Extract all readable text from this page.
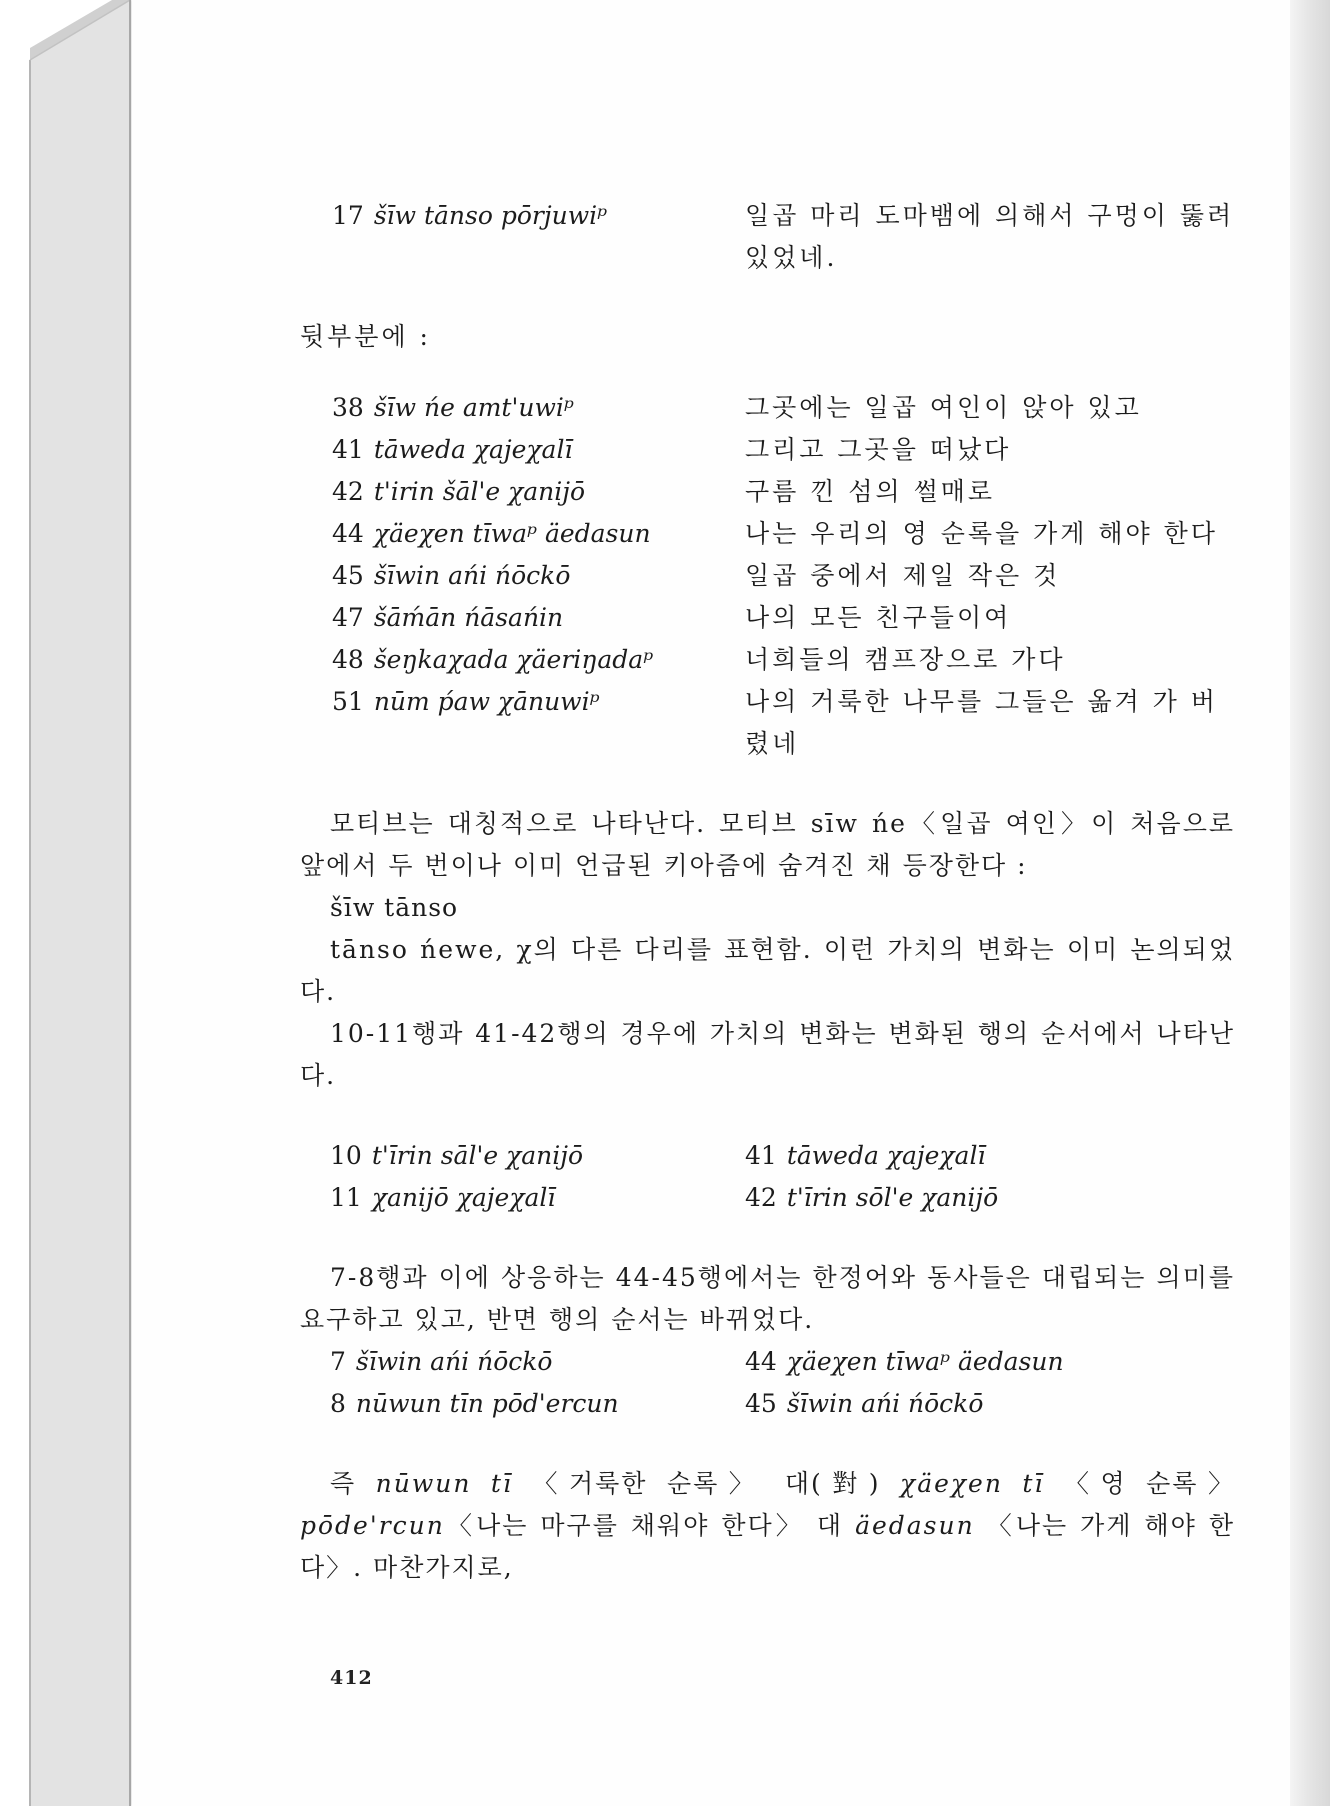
17 šīw tānso pōrjuwiᵖ	일곱 마리 도마뱀에 의해서 구멍이 뚫려 있었네.
뒷부분에 :
38 šīw ńe amt'uwiᵖ	그곳에는 일곱 여인이 앉아 있고
41 tāweda χajeχalī	그리고 그곳을 떠났다
42 t'irin šāl'e χanijō	구름 낀 섬의 썰매로
44 χäeχen tīwaᵖ äedasun	나는 우리의 영 순록을 가게 해야 한다
45 šīwin ańi ńōckō	일곱 중에서 제일 작은 것
47 šāḿān ńāsańin	나의 모든 친구들이여
48 šeŋkaχada χäeriŋadaᵖ	너희들의 캠프장으로 가다
51 nūm ṕaw χānuwiᵖ	나의 거룩한 나무를 그들은 옮겨 가 버렸네

모티브는 대칭적으로 나타난다. 모티브 sīw ńe〈일곱 여인〉이 처음으로 앞에서 두 번이나 이미 언급된 키아즘에 숨겨진 채 등장한다 :

šīw tānso

tānso ńewe, χ의 다른 다리를 표현함. 이런 가치의 변화는 이미 논의되었다.

10-11행과 41-42행의 경우에 가치의 변화는 변화된 행의 순서에서 나타난다.

10 t'īrin sāl'e χanijō	41 tāweda χajeχalī
11 χanijō χajeχalī	42 t'īrin sōl'e χanijō

7-8행과 이에 상응하는 44-45행에서는 한정어와 동사들은 대립되는 의미를 요구하고 있고, 반면 행의 순서는 바뀌었다.

7 šīwin ańi ńōckō	44 χäeχen tīwaᵖ äedasun
8 nūwun tīn pōd'ercun	45 šīwin ańi ńōckō

즉 nūwun tī 〈거룩한 순록〉 대(對) χäeχen tī 〈영 순록〉 pōde'rcun〈나는 마구를 채워야 한다〉 대 äedasun 〈나는 가게 해야 한다〉. 마찬가지로,

412
